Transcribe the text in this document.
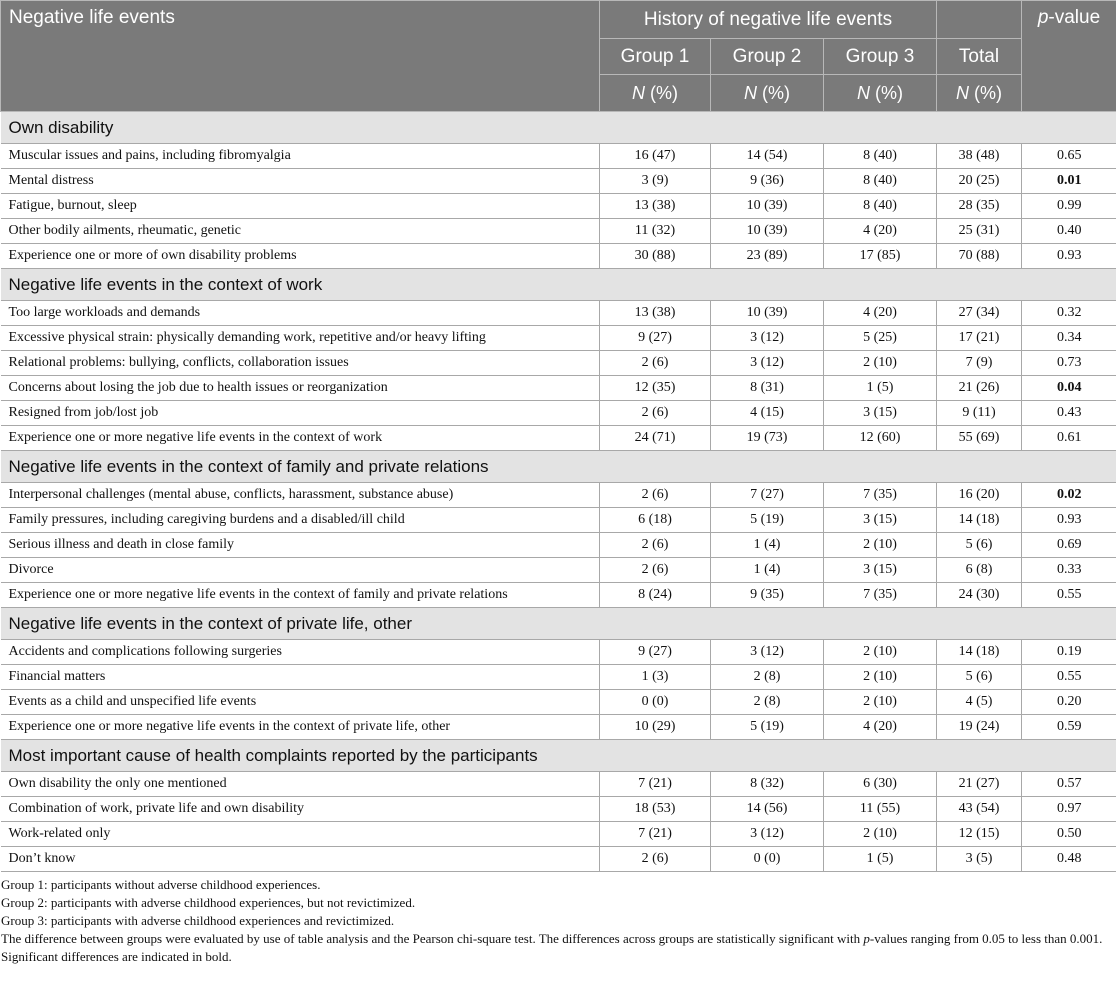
Negative life events	History of negative life events				p-value
	Group 1	Group 2	Group 3	Total	
	N (%)	N (%)	N (%)	N (%)	
Own disability					
Muscular issues and pains, including fibromyalgia	16 (47)	14 (54)	8 (40)	38 (48)	0.65
Mental distress	3 (9)	9 (36)	8 (40)	20 (25)	0.01
Fatigue, burnout, sleep	13 (38)	10 (39)	8 (40)	28 (35)	0.99
Other bodily ailments, rheumatic, genetic	11 (32)	10 (39)	4 (20)	25 (31)	0.40
Experience one or more of own disability problems	30 (88)	23 (89)	17 (85)	70 (88)	0.93
Negative life events in the context of work					
Too large workloads and demands	13 (38)	10 (39)	4 (20)	27 (34)	0.32
Excessive physical strain: physically demanding work, repetitive and/or heavy lifting	9 (27)	3 (12)	5 (25)	17 (21)	0.34
Relational problems: bullying, conflicts, collaboration issues	2 (6)	3 (12)	2 (10)	7 (9)	0.73
Concerns about losing the job due to health issues or reorganization	12 (35)	8 (31)	1 (5)	21 (26)	0.04
Resigned from job/lost job	2 (6)	4 (15)	3 (15)	9 (11)	0.43
Experience one or more negative life events in the context of work	24 (71)	19 (73)	12 (60)	55 (69)	0.61
Negative life events in the context of family and private relations					
Interpersonal challenges (mental abuse, conflicts, harassment, substance abuse)	2 (6)	7 (27)	7 (35)	16 (20)	0.02
Family pressures, including caregiving burdens and a disabled/ill child	6 (18)	5 (19)	3 (15)	14 (18)	0.93
Serious illness and death in close family	2 (6)	1 (4)	2 (10)	5 (6)	0.69
Divorce	2 (6)	1 (4)	3 (15)	6 (8)	0.33
Experience one or more negative life events in the context of family and private relations	8 (24)	9 (35)	7 (35)	24 (30)	0.55
Negative life events in the context of private life, other					
Accidents and complications following surgeries	9 (27)	3 (12)	2 (10)	14 (18)	0.19
Financial matters	1 (3)	2 (8)	2 (10)	5 (6)	0.55
Events as a child and unspecified life events	0 (0)	2 (8)	2 (10)	4 (5)	0.20
Experience one or more negative life events in the context of private life, other	10 (29)	5 (19)	4 (20)	19 (24)	0.59
Most important cause of health complaints reported by the participants					
Own disability the only one mentioned	7 (21)	8 (32)	6 (30)	21 (27)	0.57
Combination of work, private life and own disability	18 (53)	14 (56)	11 (55)	43 (54)	0.97
Work-related only	7 (21)	3 (12)	2 (10)	12 (15)	0.50
Don’t know	2 (6)	0 (0)	1 (5)	3 (5)	0.48

Group 1: participants without adverse childhood experiences.

Group 2: participants with adverse childhood experiences, but not revictimized.

Group 3: participants with adverse childhood experiences and revictimized.

The difference between groups were evaluated by use of table analysis and the Pearson chi-square test. The differences across groups are statistically significant with p-values ranging from 0.05 to less than 0.001.

Significant differences are indicated in bold.
